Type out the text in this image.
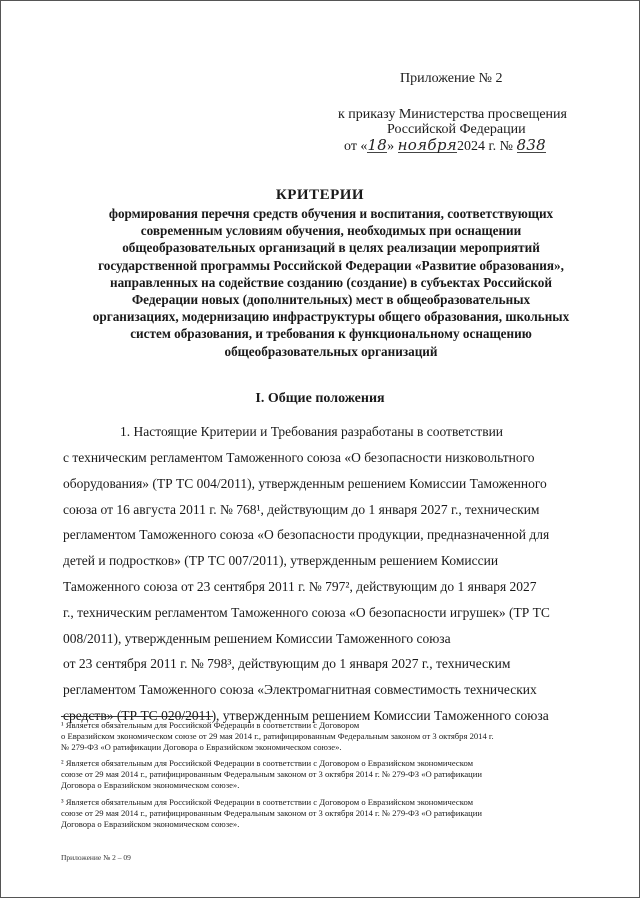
Приложение № 2
к приказу Министерства просвещения
Российской Федерации
от «18» ноября2024 г. № 838
КРИТЕРИИ
формирования перечня средств обучения и воспитания, соответствующих
современным условиям обучения, необходимых при оснащении
общеобразовательных организаций в целях реализации мероприятий
государственной программы Российской Федерации «Развитие образования»,
направленных на содействие созданию (создание) в субъектах Российской
Федерации новых (дополнительных) мест в общеобразовательных
организациях, модернизацию инфраструктуры общего образования, школьных
систем образования, и требования к функциональному оснащению
общеобразовательных организаций
I. Общие положения
1. Настоящие Критерии и Требования разработаны в соответствии
с техническим регламентом Таможенного союза «О безопасности низковольтного
оборудования» (ТР ТС 004/2011), утвержденным решением Комиссии Таможенного
союза от 16 августа 2011 г. № 768¹, действующим до 1 января 2027 г., техническим
регламентом Таможенного союза «О безопасности продукции, предназначенной для
детей и подростков» (ТР ТС 007/2011), утвержденным решением Комиссии
Таможенного союза от 23 сентября 2011 г. № 797², действующим до 1 января 2027
г., техническим регламентом Таможенного союза «О безопасности игрушек» (ТР ТС
008/2011), утвержденным решением Комиссии Таможенного союза
от 23 сентября 2011 г. № 798³, действующим до 1 января 2027 г., техническим
регламентом Таможенного союза «Электромагнитная совместимость технических
средств» (ТР ТС 020/2011), утвержденным решением Комиссии Таможенного союза
¹ Является обязательным для Российской Федерации в соответствии с Договором
о Евразийском экономическом союзе от 29 мая 2014 г., ратифицированным Федеральным законом от 3 октября 2014 г.
№ 279-ФЗ «О ратификации Договора о Евразийском экономическом союзе».
² Является обязательным для Российской Федерации в соответствии с Договором о Евразийском экономическом
союзе от 29 мая 2014 г., ратифицированным Федеральным законом от 3 октября 2014 г. № 279-ФЗ «О ратификации
Договора о Евразийском экономическом союзе».
³ Является обязательным для Российской Федерации в соответствии с Договором о Евразийском экономическом
союзе от 29 мая 2014 г., ратифицированным Федеральным законом от 3 октября 2014 г. № 279-ФЗ «О ратификации
Договора о Евразийском экономическом союзе».
Приложение № 2 – 09
